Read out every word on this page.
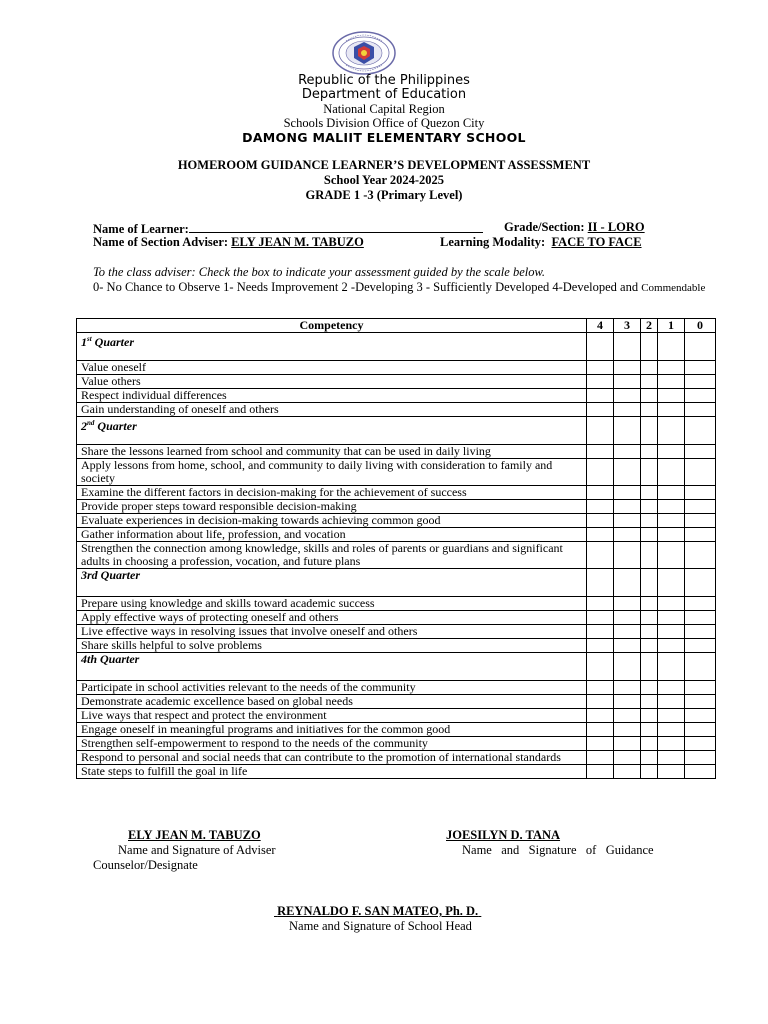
Republic of the Philippines
Department of Education
National Capital Region
Schools Division Office of Quezon City
DAMONG MALIIT ELEMENTARY SCHOOL
HOMEROOM GUIDANCE LEARNER’S DEVELOPMENT ASSESSMENT
School Year 2024-2025
GRADE 1 -3 (Primary Level)
Name of Learner:	Grade/Section: II - LORO
Name of Section Adviser: ELY JEAN M. TABUZO	Learning Modality: FACE TO FACE
To the class adviser: Check the box to indicate your assessment guided by the scale below.
0- No Chance to Observe 1- Needs Improvement 2 -Developing 3 - Sufficiently Developed 4-Developed and Commendable
Competency	4	3	2	1	0
1st Quarter					
Value oneself					
Value others					
Respect individual differences					
Gain understanding of oneself and others					
2nd Quarter					
Share the lessons learned from school and community that can be used in daily living					
Apply lessons from home, school, and community to daily living with consideration to family and society					
Examine the different factors in decision-making for the achievement of success					
Provide proper steps toward responsible decision-making					
Evaluate experiences in decision-making towards achieving common good					
Gather information about life, profession, and vocation					
Strengthen the connection among knowledge, skills and roles of parents or guardians and significant adults in choosing a profession, vocation, and future plans					
3rd Quarter					
Prepare using knowledge and skills toward academic success					
Apply effective ways of protecting oneself and others					
Live effective ways in resolving issues that involve oneself and others					
Share skills helpful to solve problems					
4th Quarter					
Participate in school activities relevant to the needs of the community					
Demonstrate academic excellence based on global needs					
Live ways that respect and protect the environment					
Engage oneself in meaningful programs and initiatives for the common good					
Strengthen self-empowerment to respond to the needs of the community					
Respond to personal and social needs that can contribute to the promotion of international standards					
State steps to fulfill the goal in life					
ELY JEAN M. TABUZO
Name and Signature of Adviser
JOESILYN D. TANA
Name   and   Signature   of   Guidance
Counselor/Designate
REYNALDO F. SAN MATEO, Ph. D.
Name and Signature of School Head
